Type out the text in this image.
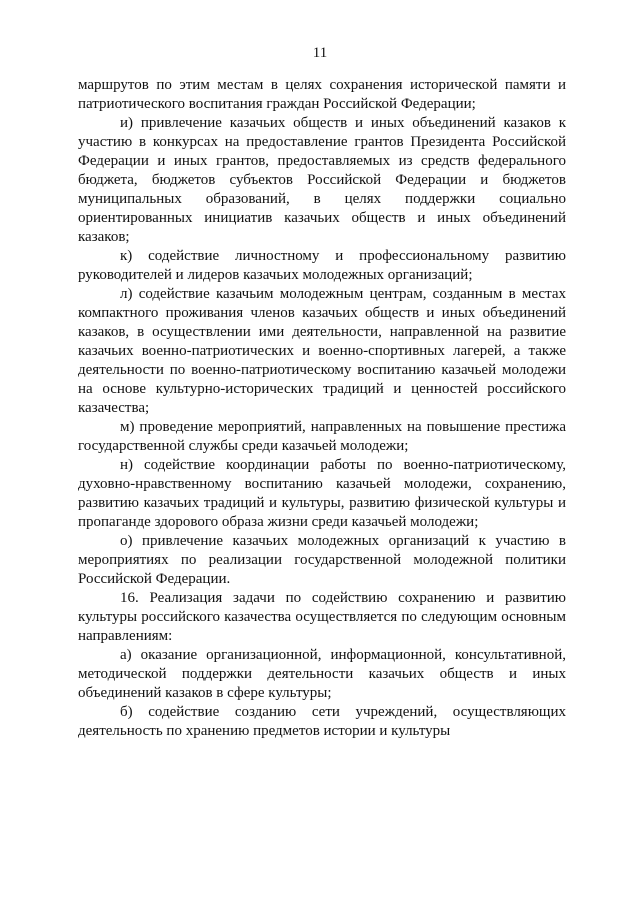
11

маршрутов по этим местам в целях сохранения исторической памяти и патриотического воспитания граждан Российской Федерации;

и) привлечение казачьих обществ и иных объединений казаков к участию в конкурсах на предоставление грантов Президента Российской Федерации и иных грантов, предоставляемых из средств федерального бюджета, бюджетов субъектов Российской Федерации и бюджетов муниципальных образований, в целях поддержки социально ориентированных инициатив казачьих обществ и иных объединений казаков;

к) содействие личностному и профессиональному развитию руководителей и лидеров казачьих молодежных организаций;

л) содействие казачьим молодежным центрам, созданным в местах компактного проживания членов казачьих обществ и иных объединений казаков, в осуществлении ими деятельности, направленной на развитие казачьих военно-патриотических и военно-спортивных лагерей, а также деятельности по военно-патриотическому воспитанию казачьей молодежи на основе культурно-исторических традиций и ценностей российского казачества;

м) проведение мероприятий, направленных на повышение престижа государственной службы среди казачьей молодежи;

н) содействие координации работы по военно-патриотическому, духовно-нравственному воспитанию казачьей молодежи, сохранению, развитию казачьих традиций и культуры, развитию физической культуры и пропаганде здорового образа жизни среди казачьей молодежи;

о) привлечение казачьих молодежных организаций к участию в мероприятиях по реализации государственной молодежной политики Российской Федерации.

16. Реализация задачи по содействию сохранению и развитию культуры российского казачества осуществляется по следующим основным направлениям:

а) оказание организационной, информационной, консультативной, методической поддержки деятельности казачьих обществ и иных объединений казаков в сфере культуры;

б) содействие созданию сети учреждений, осуществляющих деятельность по хранению предметов истории и культуры
